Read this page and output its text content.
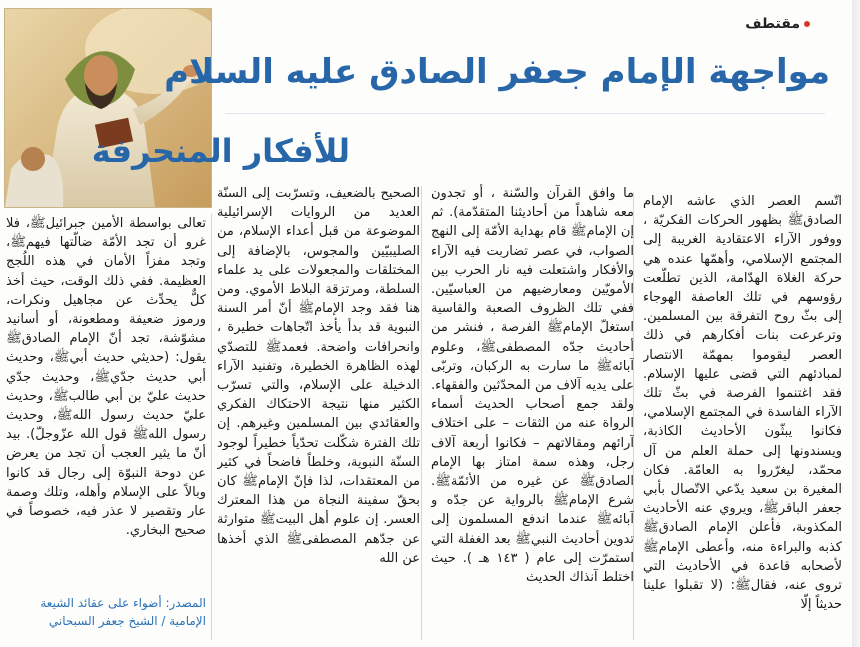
مقتطف
مواجهة الإمام جعفر الصادق عليه السلام
للأفكار المنحرفة

اتّسم العصر الذي عاشه الإمام الصادقﷺ بظهور الحركات الفكريّة ، ووفور الآراء الاعتقادية الغريبة إلى المجتمع الإسلامي، وأهمّها عنده هي حركة الغلاة الهدّامة، الذين تطلّعت رؤوسهم في تلك العاصفة الهوجاء إلى بثّ روح التفرقة بين المسلمين. وترعرعت بنات أفكارهم في ذلك العصر ليقوموا بمهمّة الانتصار لمبادئهم التي قضى عليها الإسلام. فقد اغتنموا الفرصة في بثّ تلك الآراء الفاسدة في المجتمع الإسلامي، فكانوا يبثّون الأحاديث الكاذبة، ويسندونها إلى حملة العلم من آل محمّد، ليغرّروا به العامّة. فكان المغيرة بن سعيد يدّعي الاتّصال بأبي جعفر الباقرﷺ، ويروي عنه الأحاديث المكذوبة، فأعلن الإمام الصادقﷺ كذبه والبراءة منه، وأعطى الإمامﷺ لأصحابه قاعدة في الأحاديث التي تروى عنه، فقالﷺ: (لا تقبلوا علينا حديثاً إلّا

ما وافق القرآن والسّنة ، أو تجدون معه شاهداً من أحاديثنا المتقدّمة). ثم إن الإمامﷺ قام بهداية الأمّة إلى النهج الصواب، في عصر تضاربت فيه الآراء والأفكار واشتعلت فيه نار الحرب بين الأمويّين ومعارضيهم من العباسيّين. ففي تلك الظروف الصعبة والقاسية استغلّ الإمامﷺ الفرصة ، فنشر من أحاديث جدّه المصطفىﷺ، وعلوم آبائهﷺ ما سارت به الركبان، وتربّى على يديه آلاف من المحدّثين والفقهاء. ولقد جمع أصحاب الحديث أسماء الرواة عنه من الثقات – على اختلاف آرائهم ومقالاتهم – فكانوا أربعة آلاف رجل، وهذه سمة امتاز بها الإمام الصادقﷺ عن غيره من الأئمّةﷺ. شرع الإمامﷺ بالرواية عن جدّه و آبائهﷺ عندما اندفع المسلمون إلى تدوين أحاديث النبيﷺ بعد الغفلة التي استمرّت إلى عام ( ١٤٣ هـ ). حيث اختلط آنذاك الحديث

الصحيح بالضعيف، وتسرّبت إلى السنّة العديد من الروايات الإسرائيلية الموضوعة من قبل أعداء الإسلام، من الصليبيّين والمجوس، بالإضافة إلى المختلقات والمجعولات على يد علماء السلطة، ومرتزقة البلاط الأموي. ومن هنا فقد وجد الإمامﷺ أنّ أمر السنة النبوية قد بدأ يأخذ اتّجاهات خطيرة ، وانحرافات واضحة. فعمدﷺ للتصدّي لهذه الظاهرة الخطيرة، وتفنيد الآراء الدخيلة على الإسلام، والتي تسرّب الكثير منها نتيجة الاحتكاك الفكري والعقائدي بين المسلمين وغيرهم. إن تلك الفترة شكّلت تحدّياً خطيراً لوجود السنّة النبوية، وخلطاً فاضحاً في كثير من المعتقدات، لذا فإنّ الإمامﷺ كان بحقّ سفينة النجاة من هذا المعترك العسر. إن علوم أهل البيتﷺ متوارثة عن جدّهم المصطفىﷺ الذي أخذها عن الله

تعالى بواسطة الأمين جبرائيلﷺ، فلا غرو أن تجد الأمّة ضالّتها فيهمﷺ، وتجد مفزاً الأمان في هذه اللُجج العظيمة. ففي ذلك الوقت، حيث أخذ كلٌّ يحدِّث عن مجاهيل ونكرات، ورموز ضعيفة ومطعونة، أو أسانيد مشوّشة، تجد أنّ الإمام الصادقﷺ يقول: (حديثي حديث أبيﷺ، وحديث أبي حديث جدّيﷺ، وحديث جدّي حديث عليّ بن أبي طالبﷺ، وحديث عليّ حديث رسول اللهﷺ، وحديث رسول اللهﷺ قول الله عزّوجلّ). بيد أنّ ما يثير العجب أن تجد من يعرض عن دوحة النبوّة إلى رجال قد كانوا وبالاً على الإسلام وأهله، وتلك وصمة عار وتقصير لا عذر فيه، خصوصاً في صحيح البخاري.

المصدر: أضواء على عقائد الشيعة
الإمامية / الشيخ جعفر السبحاني
